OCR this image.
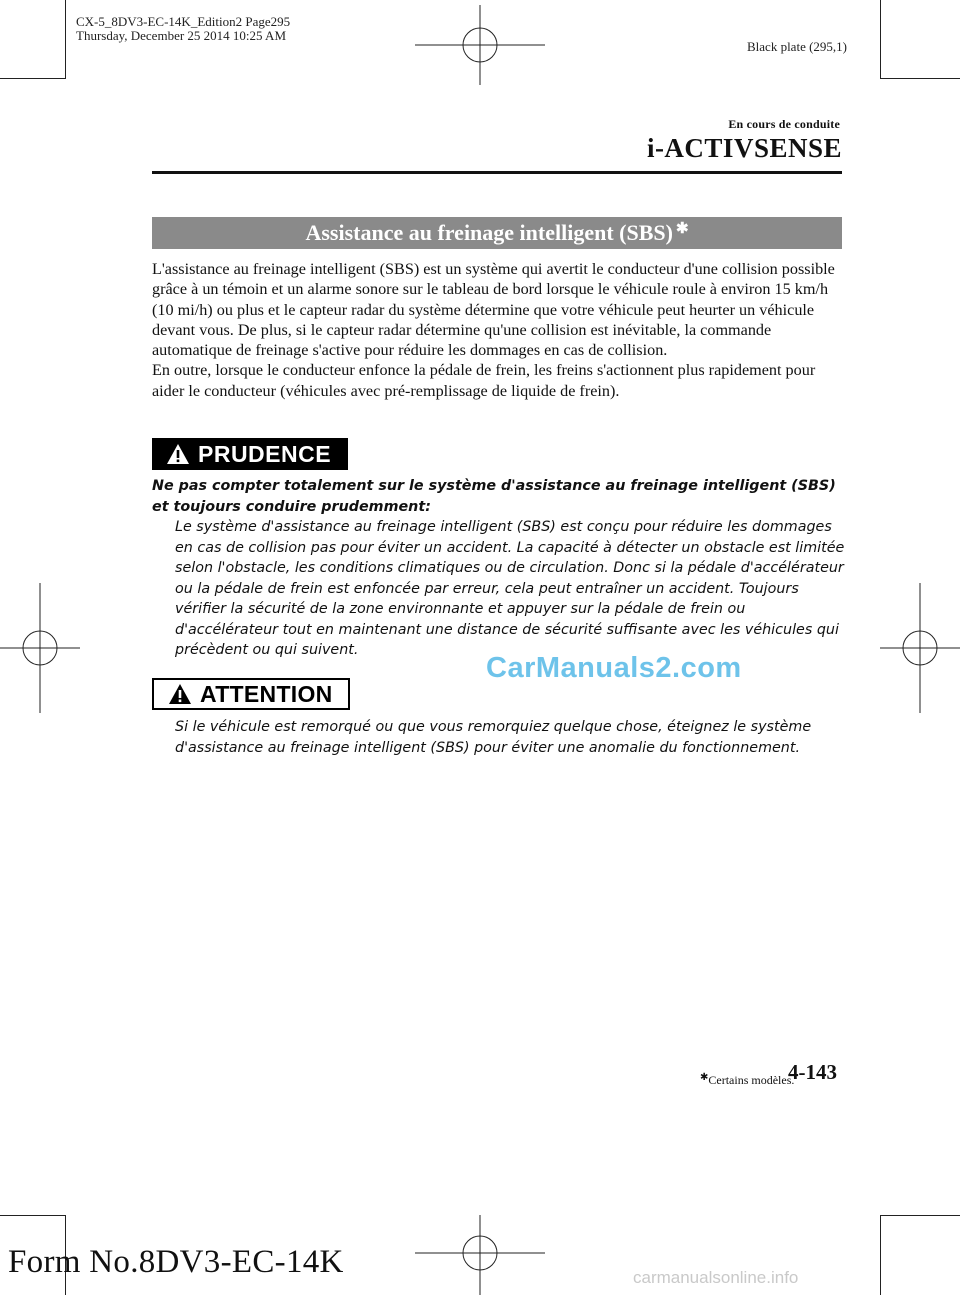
CX-5_8DV3-EC-14K_Edition2 Page295
Thursday, December 25 2014 10:25 AM
Black plate (295,1)
En cours de conduite
i-ACTIVSENSE
Assistance au freinage intelligent (SBS) ✱

L'assistance au freinage intelligent (SBS) est un système qui avertit le conducteur d'une collision possible grâce à un témoin et un alarme sonore sur le tableau de bord lorsque le véhicule roule à environ 15 km/h (10 mi/h) ou plus et le capteur radar du système détermine que votre véhicule peut heurter un véhicule devant vous. De plus, si le capteur radar détermine qu'une collision est inévitable, la commande automatique de freinage s'active pour réduire les dommages en cas de collision.

En outre, lorsque le conducteur enfonce la pédale de frein, les freins s'actionnent plus rapidement pour aider le conducteur (véhicules avec pré-remplissage de liquide de frein).

PRUDENCE
Ne pas compter totalement sur le système d'assistance au freinage intelligent (SBS) et toujours conduire prudemment:
Le système d'assistance au freinage intelligent (SBS) est conçu pour réduire les dommages en cas de collision pas pour éviter un accident. La capacité à détecter un obstacle est limitée selon l'obstacle, les conditions climatiques ou de circulation. Donc si la pédale d'accélérateur ou la pédale de frein est enfoncée par erreur, cela peut entraîner un accident. Toujours vérifier la sécurité de la zone environnante et appuyer sur la pédale de frein ou d'accélérateur tout en maintenant une distance de sécurité suffisante avec les véhicules qui précèdent ou qui suivent.
CarManuals2.com
ATTENTION
Si le véhicule est remorqué ou que vous remorquiez quelque chose, éteignez le système d'assistance au freinage intelligent (SBS) pour éviter une anomalie du fonctionnement.
✱Certains modèles.
4-143
Form No.8DV3-EC-14K	carmanualsonline.info
